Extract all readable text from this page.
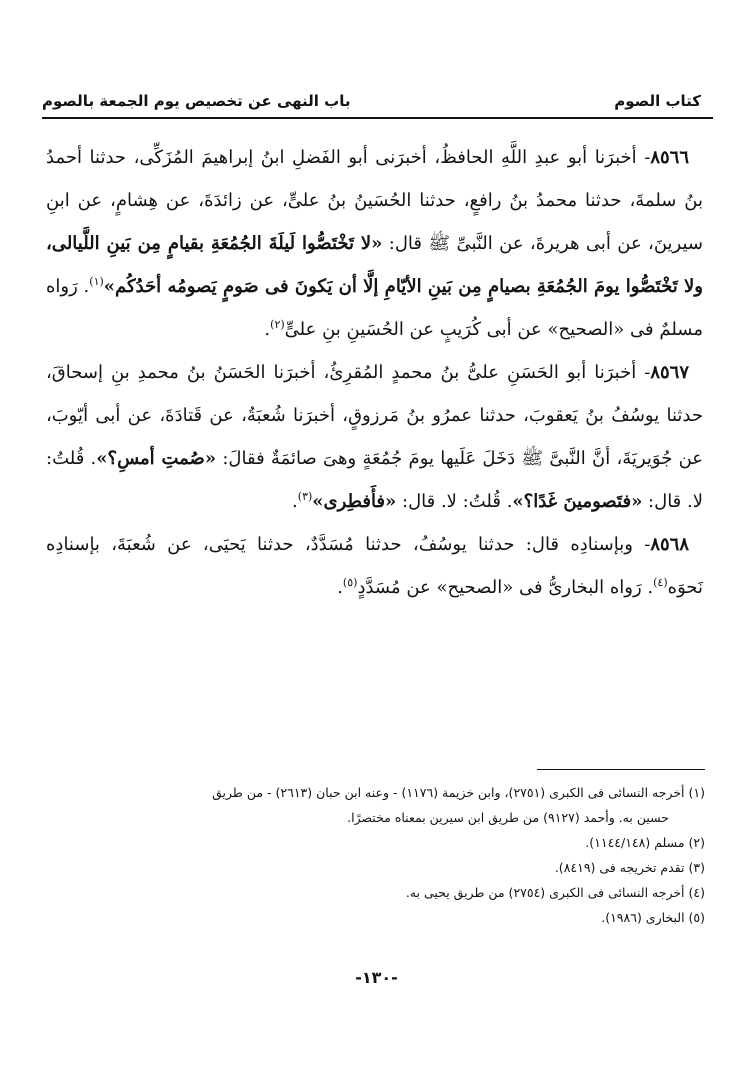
كتاب الصوم
باب النهى عن تخصيص يوم الجمعة بالصوم

٨٥٦٦- أخبرَنا أبو عبدِ اللَّهِ الحافظُ، أخبرَنى أبو الفَضلِ ابنُ إبراهيمَ المُزَكِّى، حدثنا أحمدُ بنُ سلمةَ، حدثنا محمدُ بنُ رافعٍ، حدثنا الحُسَينُ بنُ علىٍّ، عن زائدَةَ، عن هِشامٍ، عن ابنِ سيرينَ، عن أبى هريرةَ، عن النَّبىِّ ﷺ قال: «لا تَخْتَصُّوا لَيلَةَ الجُمُعَةِ بقيامٍ مِن بَينِ اللَّيالى، ولا تَخْتَصُّوا يومَ الجُمُعَةِ بصيامٍ مِن بَينِ الأيّامِ إلَّا أن يَكونَ فى صَومٍ يَصومُه أحَدُكُم»$^{(١)}$. رَواه مسلمٌ فى «الصحيح» عن أبى كُرَيبٍ عن الحُسَينِ بنِ علىٍّ$^{(٢)}$.

٨٥٦٧- أخبرَنا أبو الحَسَنِ علىُّ بنُ محمدٍ المُقرِئُ، أخبرَنا الحَسَنُ بنُ محمدِ بنِ إسحاقَ، حدثنا يوسُفُ بنُ يَعقوبَ، حدثنا عمرُو بنُ مَرزوقٍ، أخبرَنا شُعبَةُ، عن قَتادَةَ، عن أبى أيّوبَ، عن جُوَيريَةَ، أنَّ النَّبىَّ ﷺ دَخَلَ عَلَيها يومَ جُمُعَةٍ وهىَ صائمَةٌ فقالَ: «صُمتِ أمسِ؟». قُلتُ: لا. قال: «فتَصومينَ غَدًا؟». قُلتُ: لا. قال: «فأَفطِرى»$^{(٣)}$.

٨٥٦٨- وبإسنادِه قال: حدثنا يوسُفُ، حدثنا مُسَدَّدٌ، حدثنا يَحيَى، عن شُعبَةَ، بإسنادِه نَحوَه$^{(٤)}$. رَواه البخارىُّ فى «الصحيح» عن مُسَدَّدٍ$^{(٥)}$.

(١) أخرجه النسائى فى الكبرى (٢٧٥١)، وابن خزيمة (١١٧٦) - وعنه ابن حبان (٢٦١٣) - من طريق

حسين به. وأحمد (٩١٢٧) من طريق ابن سيرين بمعناه مختصرًا.

(٢) مسلم (١١٤٤/١٤٨).

(٣) تقدم تخريجه فى (٨٤١٩).

(٤) أخرجه النسائى فى الكبرى (٢٧٥٤) من طريق يحيى به.

(٥) البخارى (١٩٨٦).

-١٣٠-
